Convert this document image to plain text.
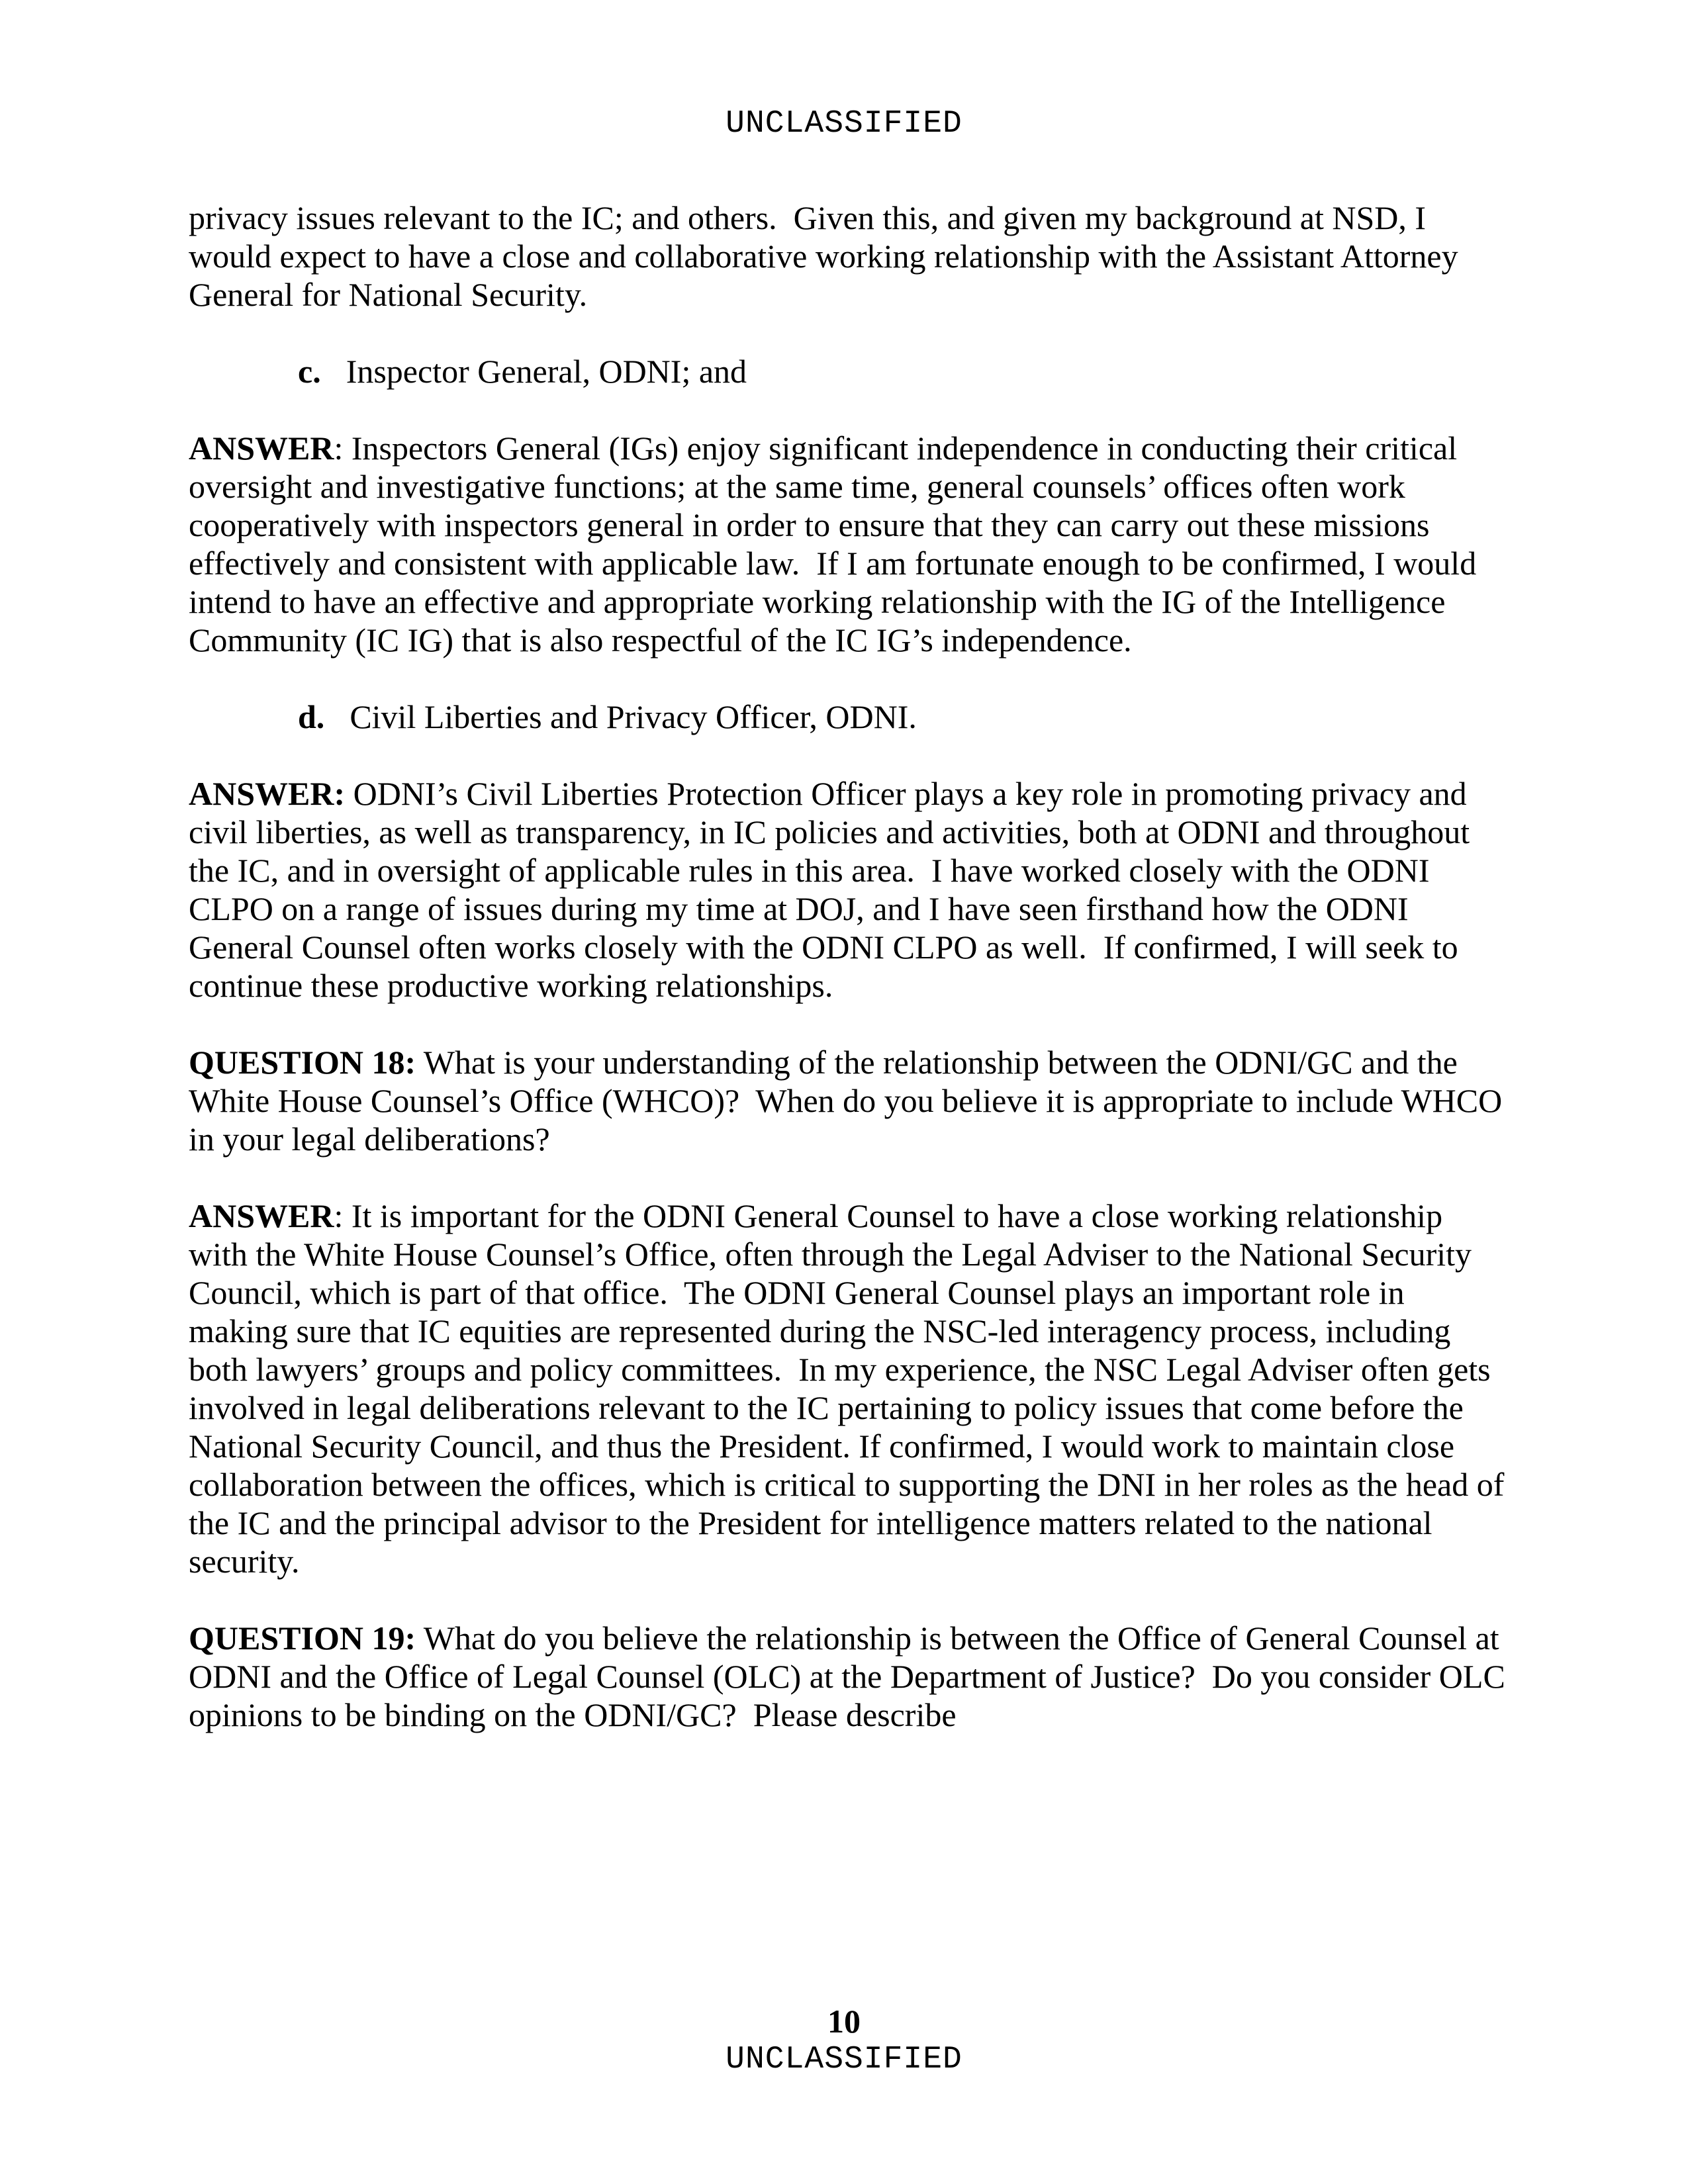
UNCLASSIFIED

privacy issues relevant to the IC; and others.  Given this, and given my background at NSD, I would expect to have a close and collaborative working relationship with the Assistant Attorney General for National Security.

c. Inspector General, ODNI; and

ANSWER: Inspectors General (IGs) enjoy significant independence in conducting their critical oversight and investigative functions; at the same time, general counsels’ offices often work cooperatively with inspectors general in order to ensure that they can carry out these missions effectively and consistent with applicable law.  If I am fortunate enough to be confirmed, I would intend to have an effective and appropriate working relationship with the IG of the Intelligence Community (IC IG) that is also respectful of the IC IG’s independence.

d. Civil Liberties and Privacy Officer, ODNI.

ANSWER: ODNI’s Civil Liberties Protection Officer plays a key role in promoting privacy and civil liberties, as well as transparency, in IC policies and activities, both at ODNI and throughout the IC, and in oversight of applicable rules in this area.  I have worked closely with the ODNI CLPO on a range of issues during my time at DOJ, and I have seen firsthand how the ODNI General Counsel often works closely with the ODNI CLPO as well.  If confirmed, I will seek to continue these productive working relationships.

QUESTION 18: What is your understanding of the relationship between the ODNI/GC and the White House Counsel’s Office (WHCO)?  When do you believe it is appropriate to include WHCO in your legal deliberations?

ANSWER: It is important for the ODNI General Counsel to have a close working relationship with the White House Counsel’s Office, often through the Legal Adviser to the National Security Council, which is part of that office.  The ODNI General Counsel plays an important role in making sure that IC equities are represented during the NSC-led interagency process, including both lawyers’ groups and policy committees.  In my experience, the NSC Legal Adviser often gets involved in legal deliberations relevant to the IC pertaining to policy issues that come before the National Security Council, and thus the President. If confirmed, I would work to maintain close collaboration between the offices, which is critical to supporting the DNI in her roles as the head of the IC and the principal advisor to the President for intelligence matters related to the national security.

QUESTION 19: What do you believe the relationship is between the Office of General Counsel at ODNI and the Office of Legal Counsel (OLC) at the Department of Justice?  Do you consider OLC opinions to be binding on the ODNI/GC?  Please describe

10
UNCLASSIFIED
